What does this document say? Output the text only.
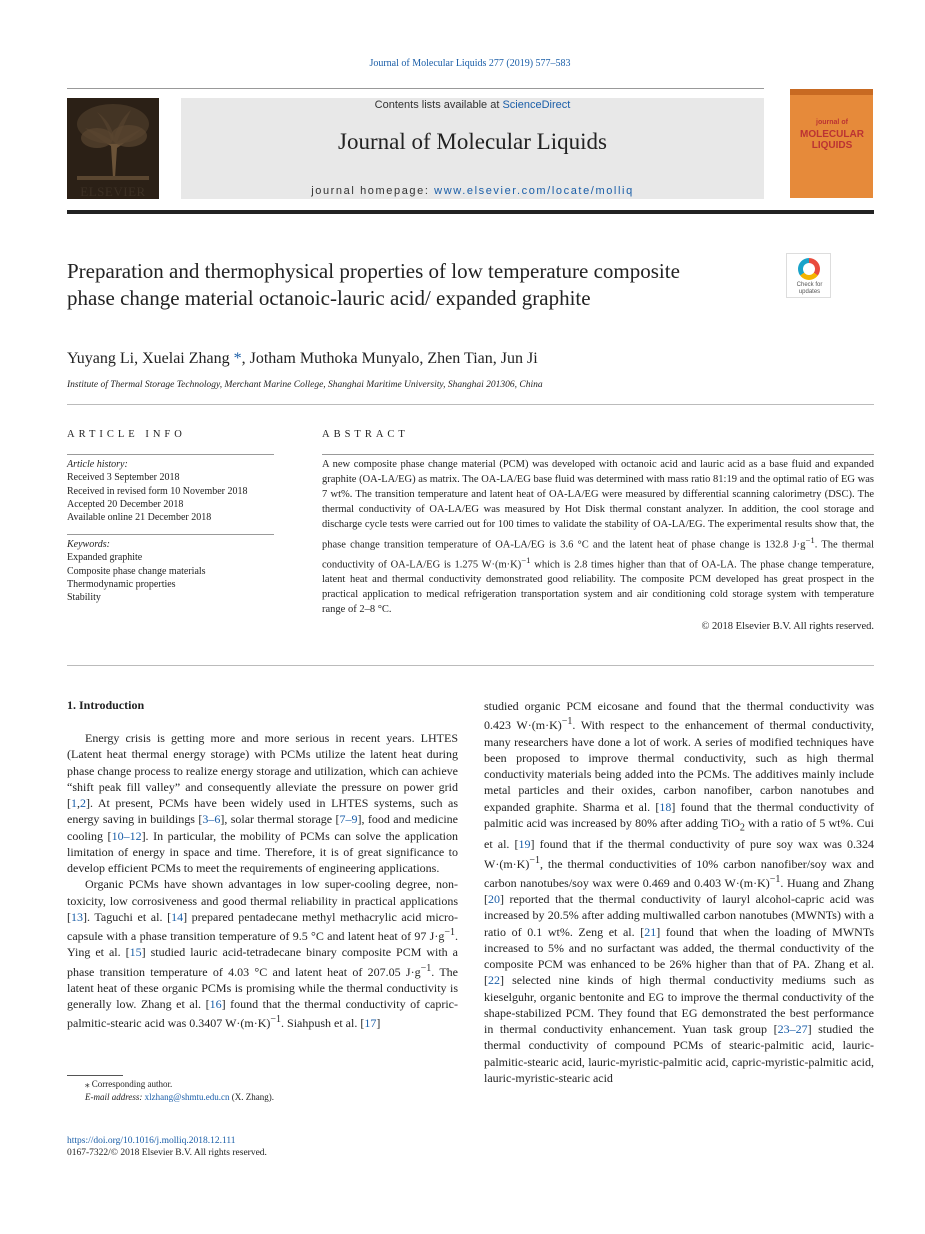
Journal of Molecular Liquids 277 (2019) 577–583
ELSEVIER
Contents lists available at ScienceDirect
Journal of Molecular Liquids
journal homepage: www.elsevier.com/locate/molliq
journal of
MOLECULAR LIQUIDS
Preparation and thermophysical properties of low temperature composite phase change material octanoic-lauric acid/ expanded graphite
Check for
updates
Yuyang Li, Xuelai Zhang *, Jotham Muthoka Munyalo, Zhen Tian, Jun Ji
Institute of Thermal Storage Technology, Merchant Marine College, Shanghai Maritime University, Shanghai 201306, China
ARTICLE INFO	ABSTRACT
Article history:
Received 3 September 2018
Received in revised form 10 November 2018
Accepted 20 December 2018
Available online 21 December 2018
Keywords:
Expanded graphite
Composite phase change materials
Thermodynamic properties
Stability
A new composite phase change material (PCM) was developed with octanoic acid and lauric acid as a base fluid and expanded graphite (OA-LA/EG) as matrix. The OA-LA/EG base fluid was determined with mass ratio 81:19 and the optimal ratio of EG was 7 wt%. The transition temperature and latent heat of OA-LA/EG were measured by differential scanning calorimetry (DSC). The thermal conductivity of OA-LA/EG was measured by Hot Disk thermal constant analyzer. In addition, the cool storage and discharge cycle tests were carried out for 100 times to validate the stability of OA-LA/EG. The experimental results show that, the phase change transition temperature of OA-LA/EG is 3.6 °C and the latent heat of phase change is 132.8 $J\cdot g^{-1}$. The thermal conductivity of OA-LA/EG is 1.275 $W\cdot(m\cdot K)^{-1}$ which is 2.8 times higher than that of OA-LA. The phase change temperature, latent heat and thermal conductivity demonstrated good reliability. The composite PCM developed has great prospect in the practical application to medical refrigeration transportation system and air conditioning cold storage system with temperature range of 2–8 °C.
© 2018 Elsevier B.V. All rights reserved.
1. Introduction

Energy crisis is getting more and more serious in recent years. LHTES (Latent heat thermal energy storage) with PCMs utilize the latent heat during phase change process to realize energy storage and utilization, which can achieve “shift peak fill valley” and consequently alleviate the pressure on power grid [1,2]. At present, PCMs have been widely used in LHTES systems, such as energy saving in buildings [3–6], solar thermal storage [7–9], food and medicine cooling [10–12]. In particular, the mobility of PCMs can solve the application limitation of energy in space and time. Therefore, it is of great significance to develop efficient PCMs to meet the requirements of engineering applications.

Organic PCMs have shown advantages in low super-cooling degree, non-toxicity, low corrosiveness and good thermal reliability in practical applications [13]. Taguchi et al. [14] prepared pentadecane methyl methacrylic acid micro-capsule with a phase transition temperature of 9.5 °C and latent heat of 97 $J\cdot g^{-1}$. Ying et al. [15] studied lauric acid-tetradecane binary composite PCM with a phase transition temperature of 4.03 °C and latent heat of 207.05 $J\cdot g^{-1}$. The latent heat of these organic PCMs is promising while the thermal conductivity is generally low. Zhang et al. [16] found that the thermal conductivity of capric-palmitic-stearic acid was 0.3407 $W\cdot(m\cdot K)^{-1}$. Siahpush et al. [17]

studied organic PCM eicosane and found that the thermal conductivity was 0.423 $W\cdot(m\cdot K)^{-1}$. With respect to the enhancement of thermal conductivity, many researchers have done a lot of work. A series of modified techniques have been proposed to improve thermal conductivity, such as high thermal conductivity materials being added into the PCMs. The additives mainly include metal particles and their oxides, carbon nanofiber, carbon nanotubes and expanded graphite. Sharma et al. [18] found that the thermal conductivity of palmitic acid was increased by 80% after adding TiO$_2$ with a ratio of 5 wt%. Cui et al. [19] found that if the thermal conductivity of pure soy wax was 0.324 $W\cdot(m\cdot K)^{-1}$, the thermal conductivities of 10% carbon nanofiber/soy wax and carbon nanotubes/soy wax were 0.469 and 0.403 $W\cdot(m\cdot K)^{-1}$. Huang and Zhang [20] reported that the thermal conductivity of lauryl alcohol-capric acid was increased by 20.5% after adding multiwalled carbon nanotubes (MWNTs) with a ratio of 0.1 wt%. Zeng et al. [21] found that when the loading of MWNTs increased to 5% and no surfactant was added, the thermal conductivity of the composite PCM was enhanced to be 26% higher than that of PA. Zhang et al. [22] selected nine kinds of high thermal conductivity mediums such as kieselguhr, organic bentonite and EG to improve the thermal conductivity of the shape-stabilized PCM. They found that EG demonstrated the best performance in thermal conductivity enhancement. Yuan task group [23–27] studied the thermal conductivity of compound PCMs of stearic-palmitic acid, lauric-palmitic-stearic acid, lauric-myristic-palmitic acid, capric-myristic-palmitic acid, lauric-myristic-stearic acid

⁎ Corresponding author.
E-mail address: xlzhang@shmtu.edu.cn (X. Zhang).
https://doi.org/10.1016/j.molliq.2018.12.111
0167-7322/© 2018 Elsevier B.V. All rights reserved.
